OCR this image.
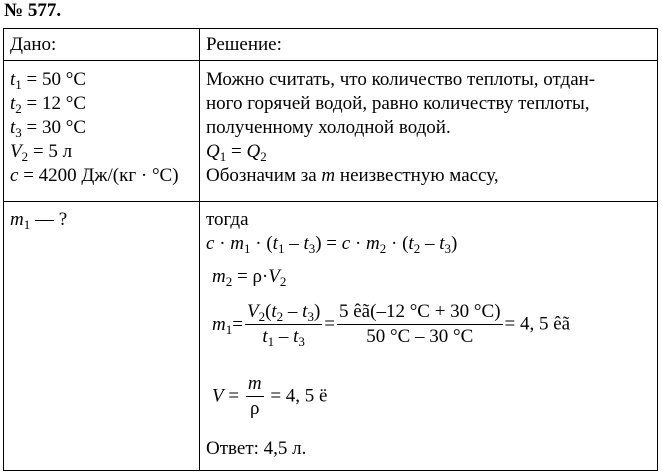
№ 577.
Дано:	Решение:
$t_1 = 50$ °C
$t_2 = 12$ °C
$t_3 = 30$ °C
$V_2 = 5$ л
c = 4200 Дж/(кг · °C)
$m_1$ — ?
Можно считать, что количество теплоты, отдан-
ного горячей водой, равно количеству теплоты,
полученному холодной водой.
$Q_1 = Q_2$
Обозначим за m неизвестную массу,
тогда
$c \cdot m_1 \cdot (t_1 - t_3) = c \cdot m_2 \cdot (t_2 - t_3)$
$m_2 = \rho\cdot V_2$
$m_1= \frac{V_2(t_2 - t_3)}{t_1 - t_3} = \frac{5 êã(-12 ^\circ C + 30 ^\circ C)}{50 ^\circ C - 30 ^\circ C} = 4$, 5 êã
$V = \frac{m}{\rho} = 4$, 5 ë
Ответ: 4,5 л.
